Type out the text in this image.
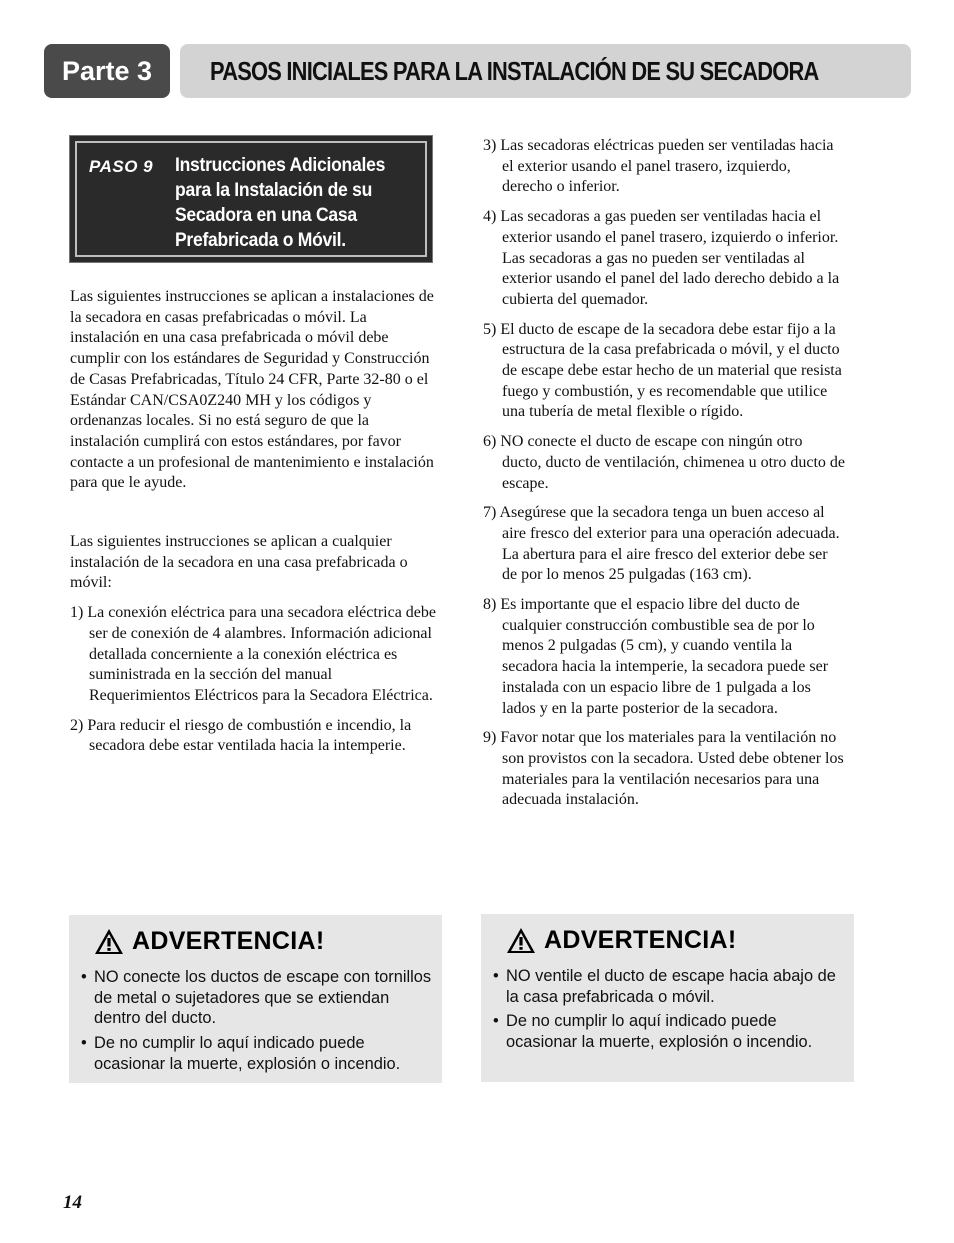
Parte 3	PASOS INICIALES PARA LA INSTALACIÓN DE SU SECADORA
PASO 9 Instrucciones Adicionales para la Instalación de su Secadora en una Casa Prefabricada o Móvil.

Las siguientes instrucciones se aplican a instalaciones de la secadora en casas prefabricadas o móvil. La instalación en una casa prefabricada o móvil debe cumplir con los estándares de Seguridad y Construcción de Casas Prefabricadas, Título 24 CFR, Parte 32-80 o el Estándar CAN/CSA0Z240 MH y los códigos y ordenanzas locales. Si no está seguro de que la instalación cumplirá con estos estándares, por favor contacte a un profesional de mantenimiento e instalación para que le ayude.

Las siguientes instrucciones se aplican a cualquier instalación de la secadora en una casa prefabricada o móvil:

1) La conexión eléctrica para una secadora eléctrica debe ser de conexión de 4 alambres. Información adicional detallada concerniente a la conexión eléctrica es suministrada en la sección del manual Requerimientos Eléctricos para la Secadora Eléctrica.
2) Para reducir el riesgo de combustión e incendio, la secadora debe estar ventilada hacia la intemperie.
3) Las secadoras eléctricas pueden ser ventiladas hacia el exterior usando el panel trasero, izquierdo, derecho o inferior.
4) Las secadoras a gas pueden ser ventiladas hacia el exterior usando el panel trasero, izquierdo o inferior. Las secadoras a gas no pueden ser ventiladas al exterior usando el panel del lado derecho debido a la cubierta del quemador.
5) El ducto de escape de la secadora debe estar fijo a la estructura de la casa prefabricada o móvil, y el ducto de escape debe estar hecho de un material que resista fuego y combustión, y es recomendable que utilice una tubería de metal flexible o rígido.
6) NO conecte el ducto de escape con ningún otro ducto, ducto de ventilación, chimenea u otro ducto de escape.
7) Asegúrese que la secadora tenga un buen acceso al aire fresco del exterior para una operación adecuada. La abertura para el aire fresco del exterior debe ser de por lo menos 25 pulgadas (163 cm).
8) Es importante que el espacio libre del ducto de cualquier construcción combustible sea de por lo menos 2 pulgadas (5 cm), y cuando ventila la secadora hacia la intemperie, la secadora puede ser instalada con un espacio libre de 1 pulgada a los lados y en la parte posterior de la secadora.
9) Favor notar que los materiales para la ventilación no son provistos con la secadora. Usted debe obtener los materiales para la ventilación necesarios para una adecuada instalación.
ADVERTENCIA!
• NO conecte los ductos de escape con tornillos de metal o sujetadores que se extiendan dentro del ducto.
• De no cumplir lo aquí indicado puede ocasionar la muerte, explosión o incendio.
ADVERTENCIA!
• NO ventile el ducto de escape hacia abajo de la casa prefabricada o móvil.
• De no cumplir lo aquí indicado puede ocasionar la muerte, explosión o incendio.
14
